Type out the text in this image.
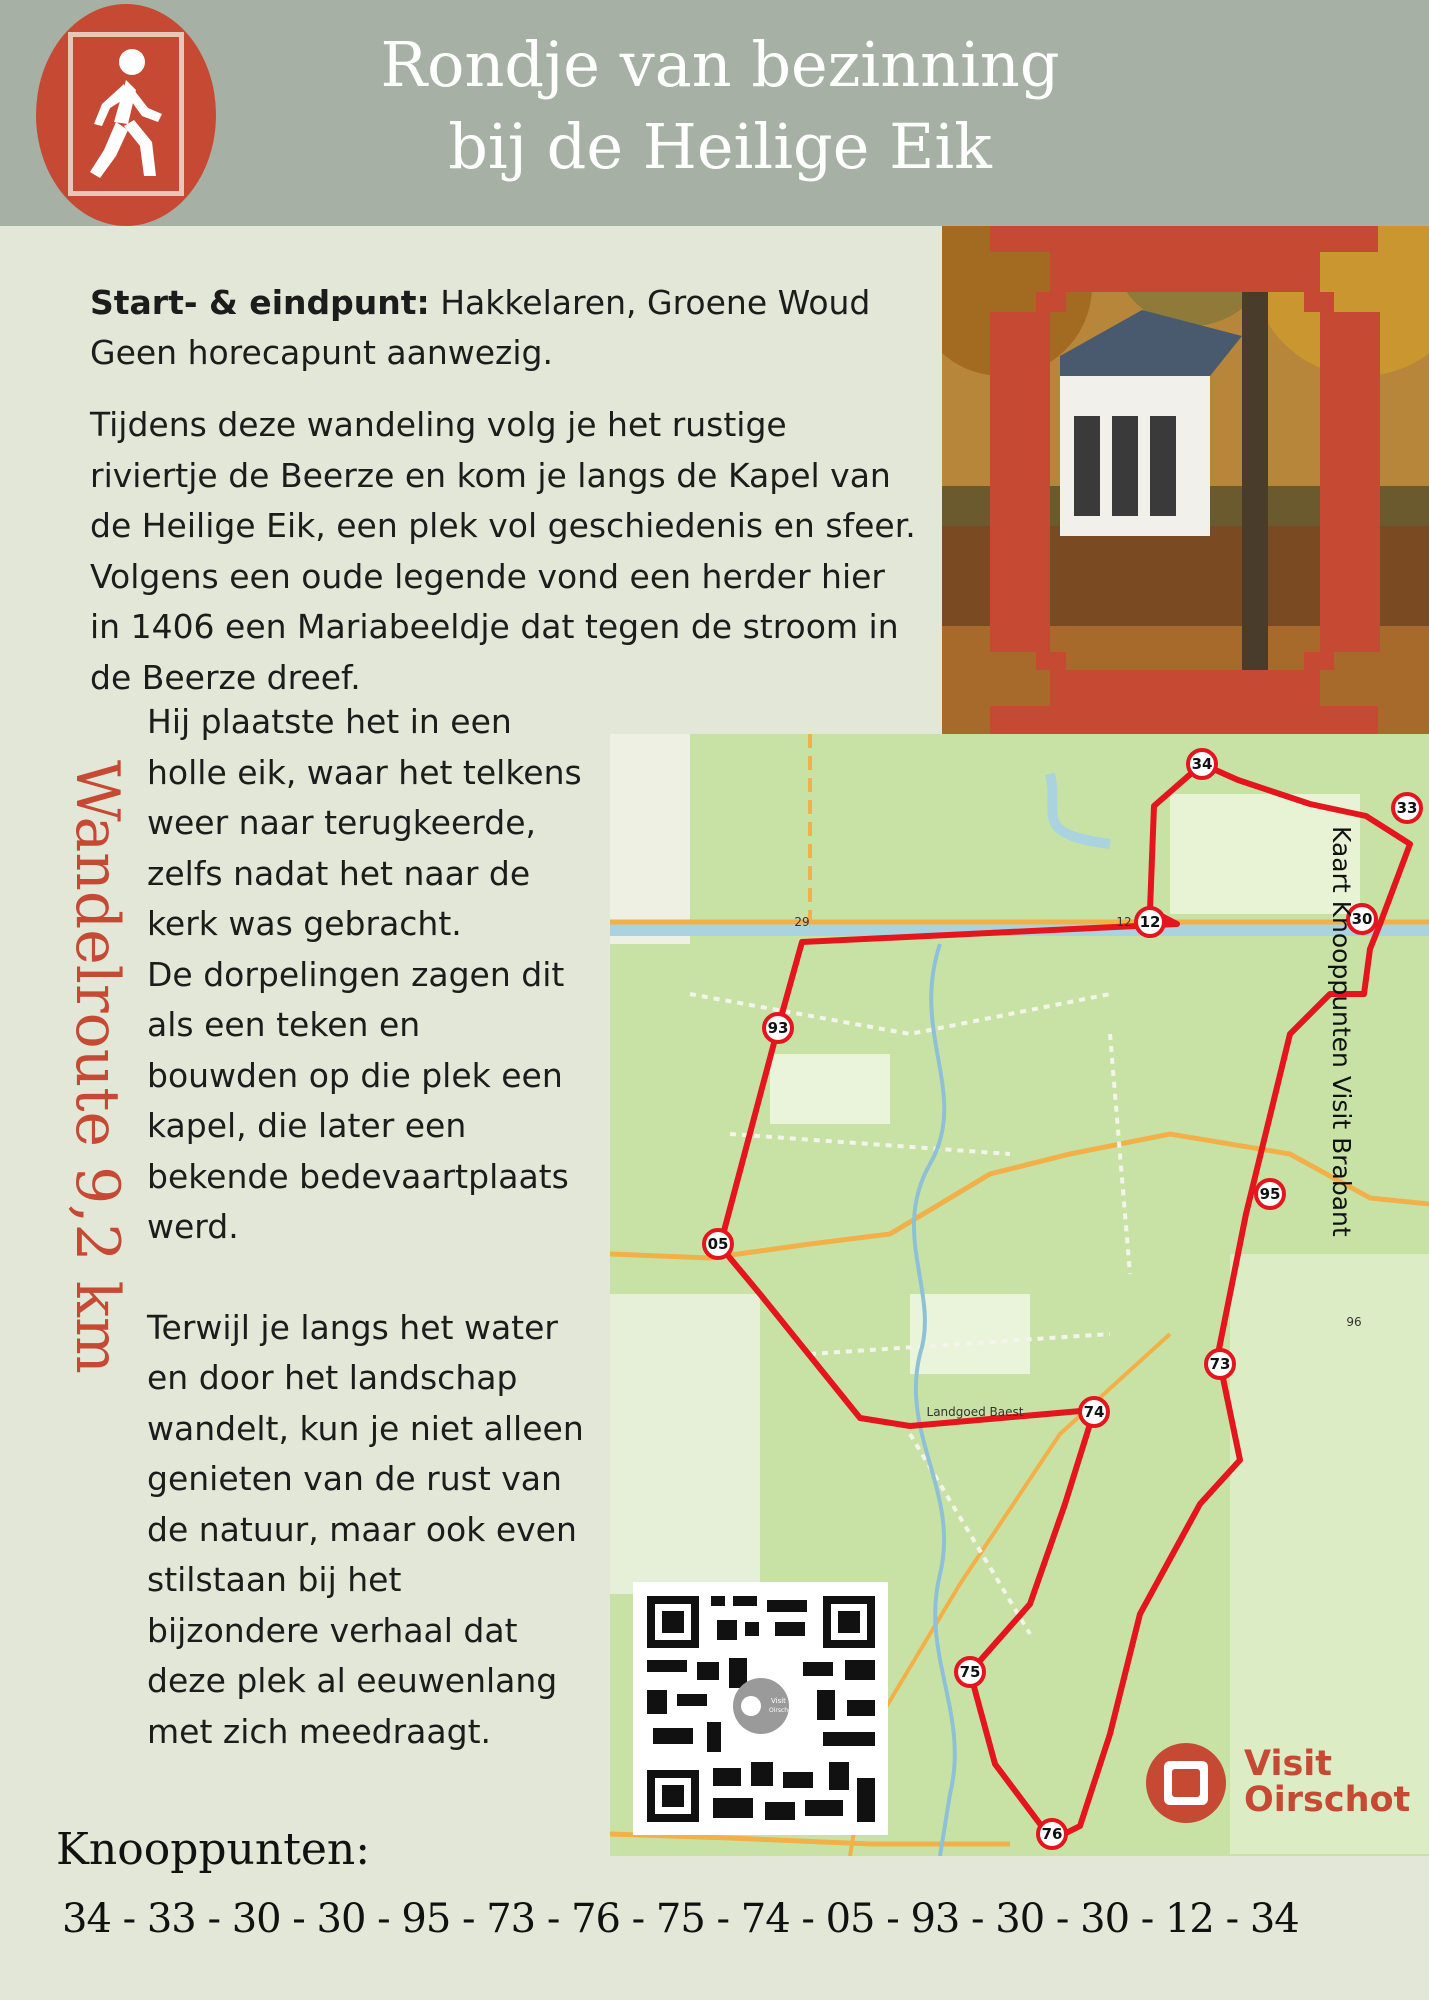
Rondje van bezinning
bij de Heilige Eik
Start- & eindpunt: Hakkelaren, Groene Woud
Geen horecapunt aanwezig.

Tijdens deze wandeling volg je het rustige riviertje de Beerze en kom je langs de Kapel van de Heilige Eik, een plek vol geschiedenis en sfeer. Volgens een oude legende vond een herder hier in 1406 een Mariabeeldje dat tegen de stroom in de Beerze dreef.

Hij plaatste het in een
holle eik, waar het telkens
weer naar terugkeerde,
zelfs nadat het naar de
kerk was gebracht.
De dorpelingen zagen dit
als een teken en
bouwden op die plek een
kapel, die later een
bekende bedevaartplaats
werd.

Terwijl je langs het water
en door het landschap
wandelt, kun je niet alleen
genieten van de rust van
de natuur, maar ook even
stilstaan bij het
bijzondere verhaal dat
deze plek al eeuwenlang
met zich meedraagt.

Wandelroute 9,2 km	34
33
30
12
93
05
95
73
74
75
76
29	12
96
Landgoed Baest
Kaart Knooppunten Visit Brabant
Visit
Oirschot
Visit
Oirschot
Knooppunten:
34 - 33 - 30 - 30 - 95 - 73 - 76 - 75 - 74 - 05 - 93 - 30 - 30 - 12 - 34
